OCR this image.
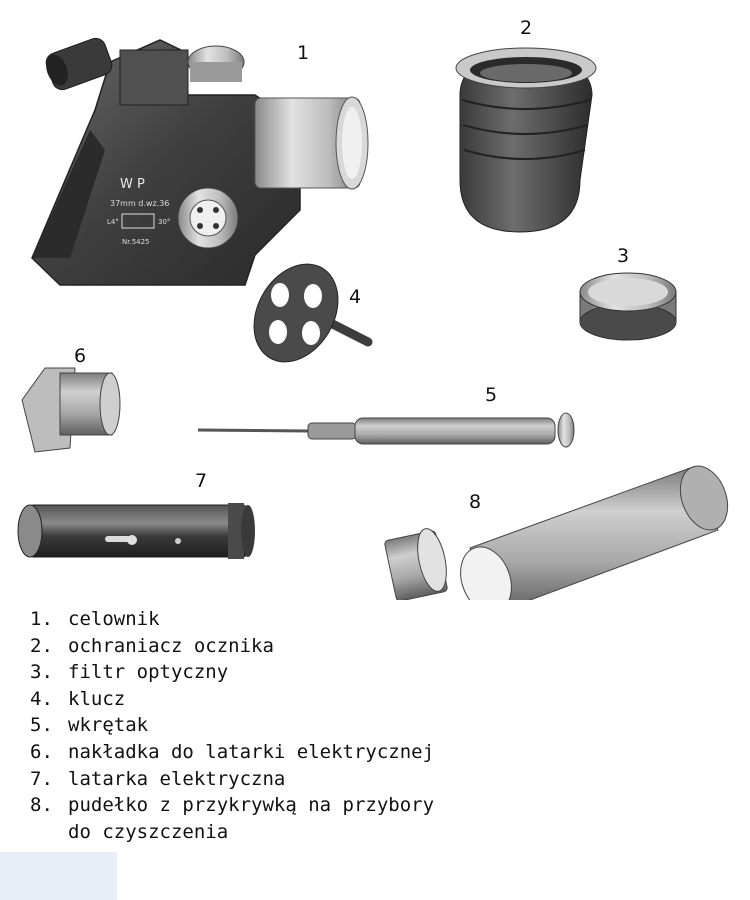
W P
37mm d.wz.36
L4°	30°
Nr.5425
1
2
3
4
5
6
7
8
1. celownik
2. ochraniacz ocznika
3. filtr optyczny
4. klucz
5. wkrętak
6. nakładka do latarki elektrycznej
7. latarka elektryczna
8. pudełko z przykrywką na przybory
do czyszczenia
